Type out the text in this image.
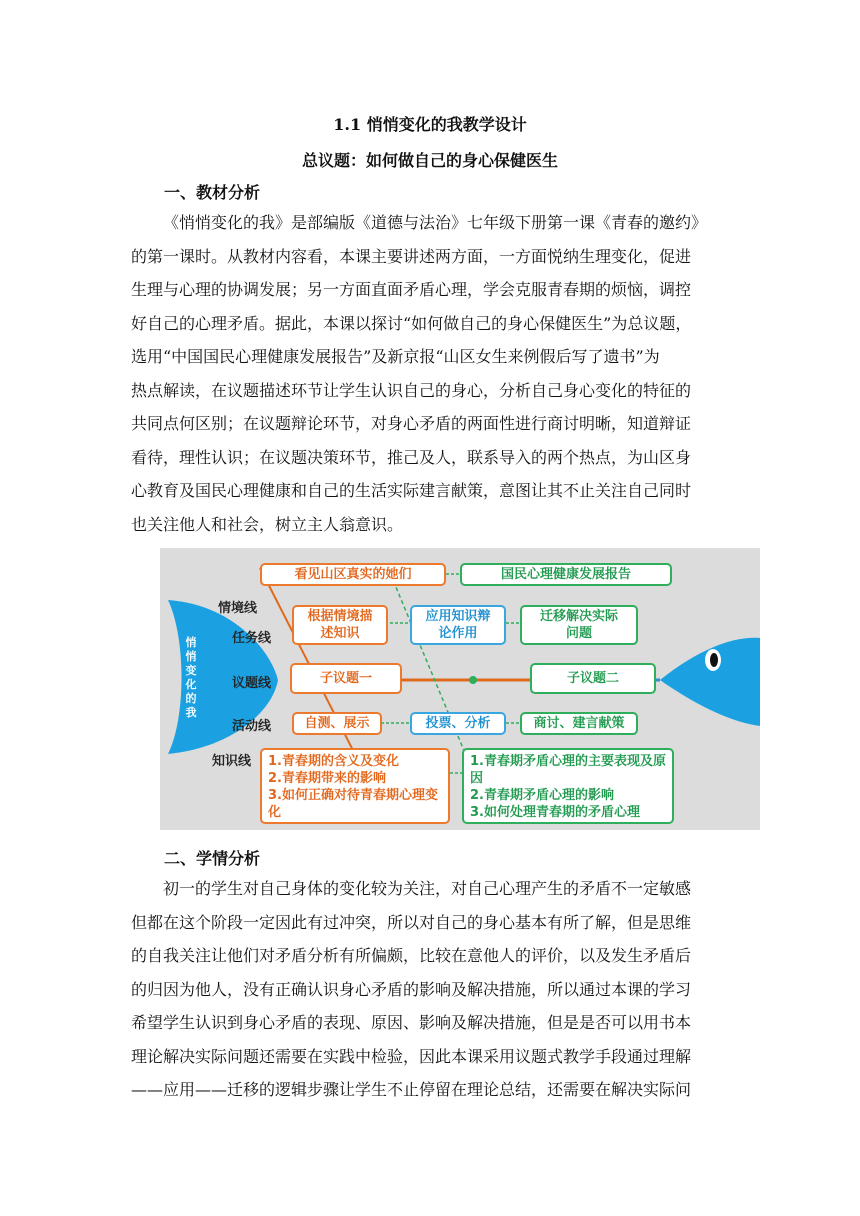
1.1 悄悄变化的我教学设计
总议题：如何做自己的身心保健医生
一、教材分析
《悄悄变化的我》是部编版《道德与法治》七年级下册第一课《青春的邀约》
的第一课时。从教材内容看，本课主要讲述两方面，一方面悦纳生理变化，促进
生理与心理的协调发展；另一方面直面矛盾心理，学会克服青春期的烦恼，调控
好自己的心理矛盾。据此，本课以探讨“如何做自己的身心保健医生”为总议题，
选用“中国国民心理健康发展报告”及新京报“山区女生来例假后写了遗书”为
热点解读，在议题描述环节让学生认识自己的身心，分析自己身心变化的特征的
共同点何区别；在议题辩论环节，对身心矛盾的两面性进行商讨明晰，知道辩证
看待，理性认识；在议题决策环节，推己及人，联系导入的两个热点，为山区身
心教育及国民心理健康和自己的生活实际建言献策，意图让其不止关注自己同时
也关注他人和社会，树立主人翁意识。
悄悄变化的我
情境线
任务线
议题线
活动线
知识线
看见山区真实的她们	国民心理健康发展报告
根据情境描述知识
应用知识辩论作用
迁移解决实际问题
子议题一	子议题二
自测、展示	投票、分析	商讨、建言献策
1.青春期的含义及变化
2.青春期带来的影响
3.如何正确对待青春期心理变化
1.青春期矛盾心理的主要表现及原因
2.青春期矛盾心理的影响
3.如何处理青春期的矛盾心理
二、学情分析
初一的学生对自己身体的变化较为关注，对自己心理产生的矛盾不一定敏感
但都在这个阶段一定因此有过冲突，所以对自己的身心基本有所了解，但是思维
的自我关注让他们对矛盾分析有所偏颇，比较在意他人的评价，以及发生矛盾后
的归因为他人，没有正确认识身心矛盾的影响及解决措施，所以通过本课的学习
希望学生认识到身心矛盾的表现、原因、影响及解决措施，但是是否可以用书本
理论解决实际问题还需要在实践中检验，因此本课采用议题式教学手段通过理解
——应用——迁移的逻辑步骤让学生不止停留在理论总结，还需要在解决实际问
